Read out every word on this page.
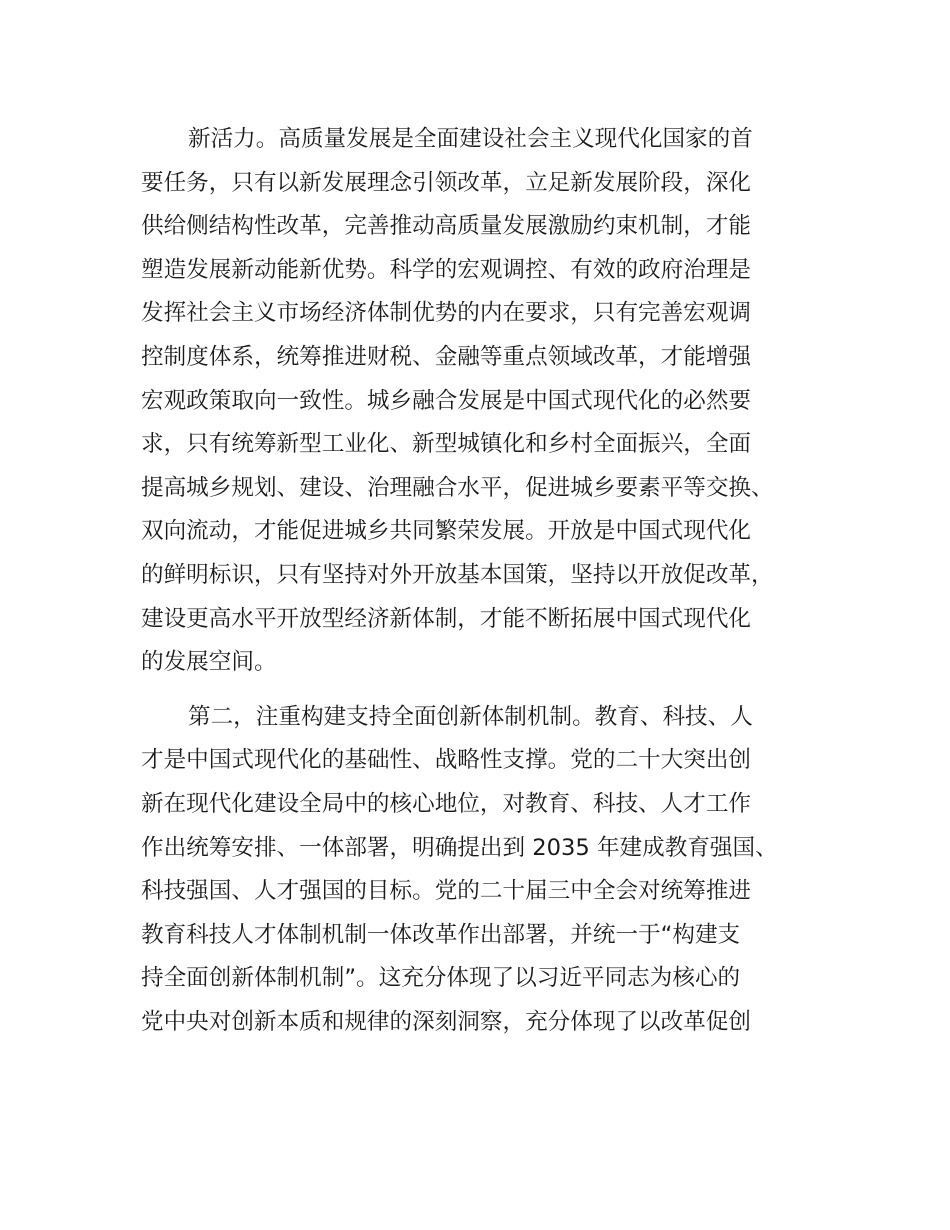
新活力。高质量发展是全面建设社会主义现代化国家的首
要任务，只有以新发展理念引领改革，立足新发展阶段，深化
供给侧结构性改革，完善推动高质量发展激励约束机制，才能
塑造发展新动能新优势。科学的宏观调控、有效的政府治理是
发挥社会主义市场经济体制优势的内在要求，只有完善宏观调
控制度体系，统筹推进财税、金融等重点领域改革，才能增强
宏观政策取向一致性。城乡融合发展是中国式现代化的必然要
求，只有统筹新型工业化、新型城镇化和乡村全面振兴，全面
提高城乡规划、建设、治理融合水平，促进城乡要素平等交换、
双向流动，才能促进城乡共同繁荣发展。开放是中国式现代化
的鲜明标识，只有坚持对外开放基本国策，坚持以开放促改革，
建设更高水平开放型经济新体制，才能不断拓展中国式现代化
的发展空间。
第二，注重构建支持全面创新体制机制。教育、科技、人
才是中国式现代化的基础性、战略性支撑。党的二十大突出创
新在现代化建设全局中的核心地位，对教育、科技、人才工作
作出统筹安排、一体部署，明确提出到 2035 年建成教育强国、
科技强国、人才强国的目标。党的二十届三中全会对统筹推进
教育科技人才体制机制一体改革作出部署，并统一于“构建支
持全面创新体制机制”。这充分体现了以习近平同志为核心的
党中央对创新本质和规律的深刻洞察，充分体现了以改革促创
